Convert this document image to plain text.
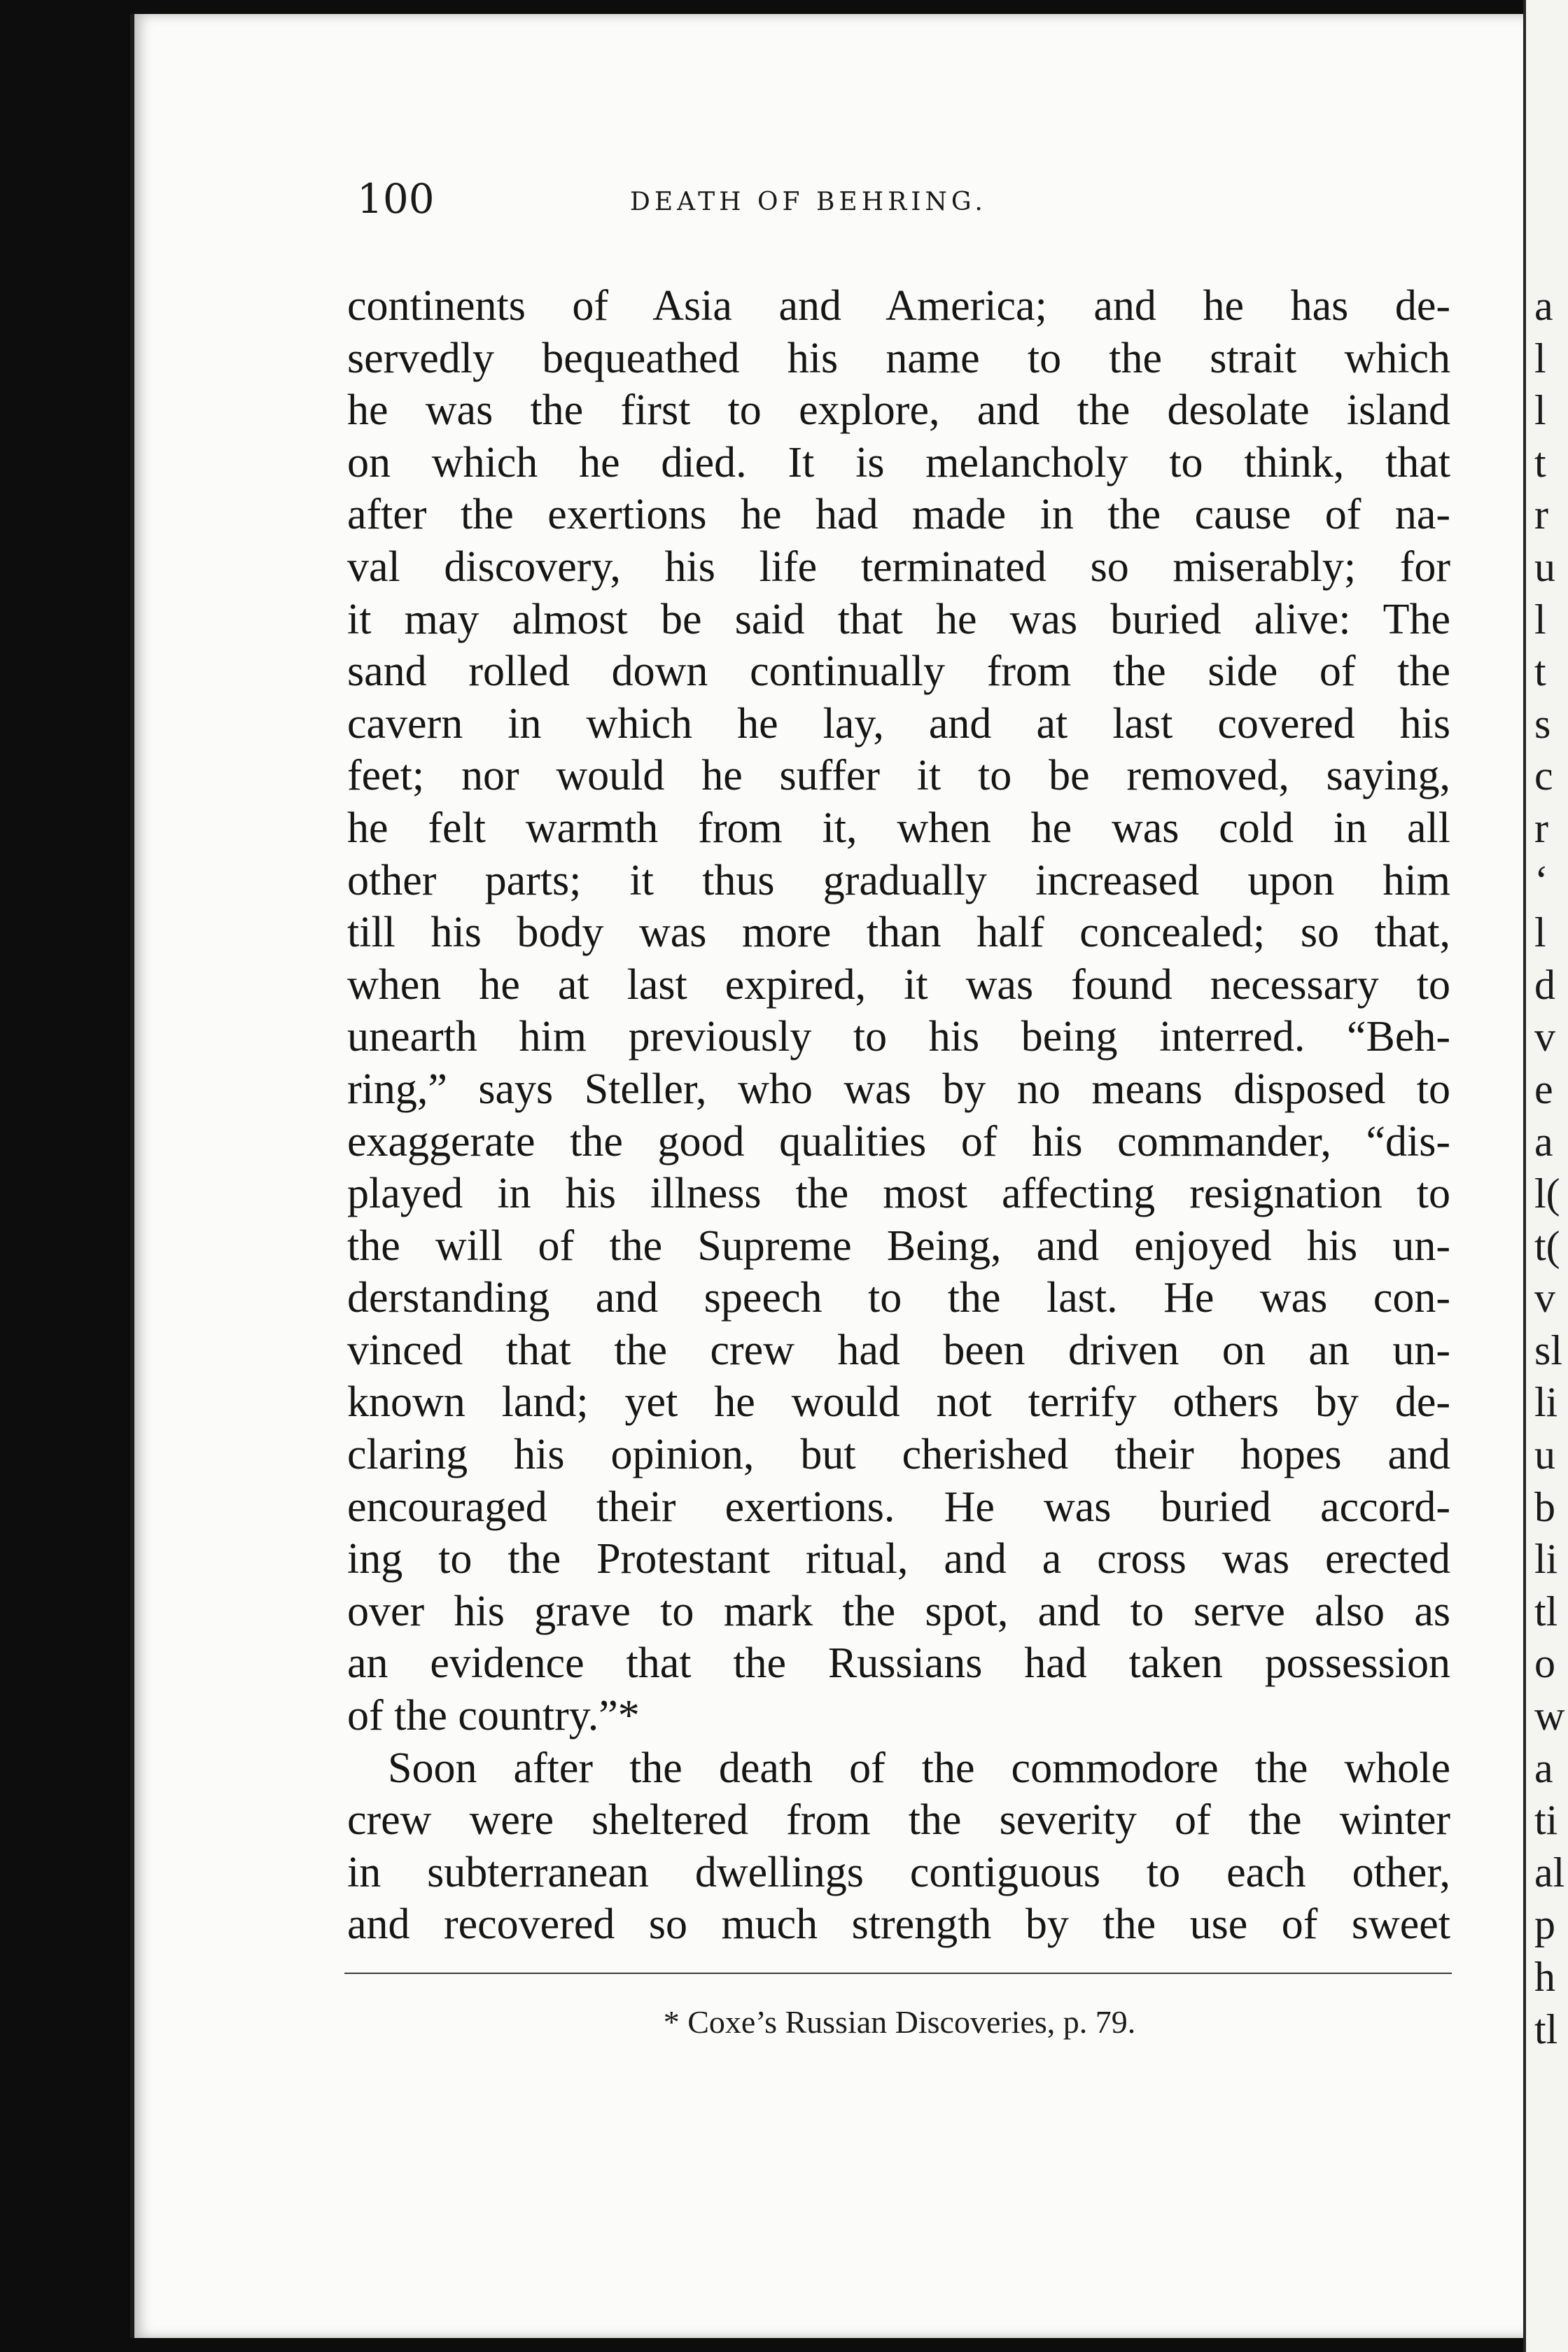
100	DEATH OF BEHRING.
continents of Asia and America; and he has de-
servedly bequeathed his name to the strait which
he was the first to explore, and the desolate island
on which he died. It is melancholy to think, that
after the exertions he had made in the cause of na-
val discovery, his life terminated so miserably; for
it may almost be said that he was buried alive: The
sand rolled down continually from the side of the
cavern in which he lay, and at last covered his
feet; nor would he suffer it to be removed, saying,
he felt warmth from it, when he was cold in all
other parts; it thus gradually increased upon him
till his body was more than half concealed; so that,
when he at last expired, it was found necessary to
unearth him previously to his being interred. “Beh-
ring,” says Steller, who was by no means disposed to
exaggerate the good qualities of his commander, “dis-
played in his illness the most affecting resignation to
the will of the Supreme Being, and enjoyed his un-
derstanding and speech to the last. He was con-
vinced that the crew had been driven on an un-
known land; yet he would not terrify others by de-
claring his opinion, but cherished their hopes and
encouraged their exertions. He was buried accord-
ing to the Protestant ritual, and a cross was erected
over his grave to mark the spot, and to serve also as
an evidence that the Russians had taken possession
of the country.”*
Soon after the death of the commodore the whole
crew were sheltered from the severity of the winter
in subterranean dwellings contiguous to each other,
and recovered so much strength by the use of sweet
* Coxe’s Russian Discoveries, p. 79.
a
l
l
t
r
u
l
t
s
c
r
‘
l
d
v
e
a
l(
t(
v
sl
li
u
b
li
tl
o
w
a
ti
al
p
h
tl
